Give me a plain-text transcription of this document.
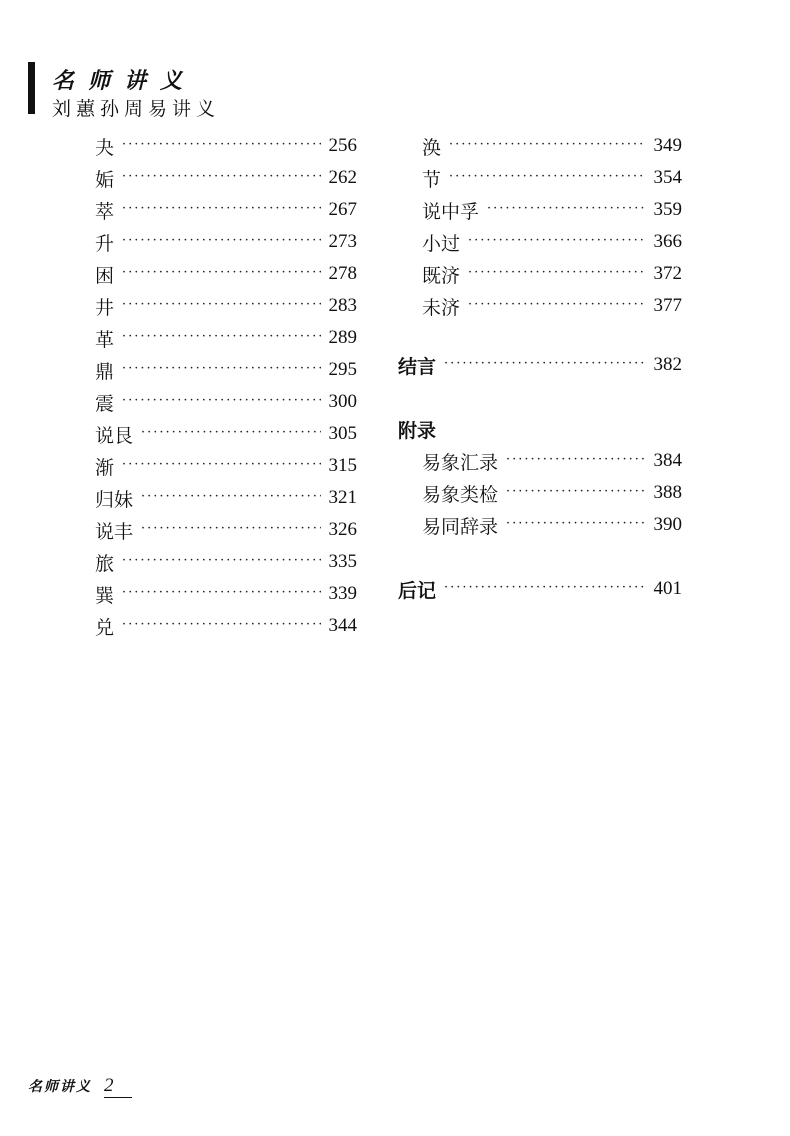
名师讲义
刘蕙孙周易讲义
夬 ·····	256
姤 ·····	262
萃 ·····	267
升 ·····	273
困 ·····	278
井 ·····	283
革 ·····	289
鼎 ·····	295
震 ·····	300
说艮 ·····	305
渐 ·····	315
归妹 ·····	321
说丰 ·····	326
旅 ·····	335
巽 ·····	339
兑 ·····	344
涣 ·····	349
节 ·····	354
说中孚 ·····	359
小过 ·····	366
既济 ·····	372
未济 ·····	377
结言 ·····	382
附录
易象汇录 ·····	384
易象类检 ·····	388
易同辞录 ·····	390
后记 ·····	401
名师讲义 2
